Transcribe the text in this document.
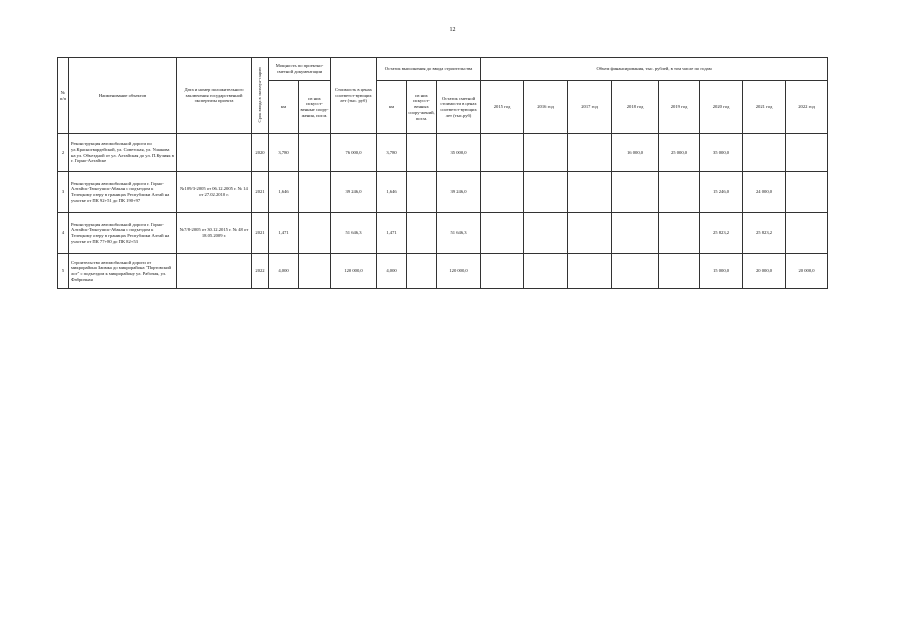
12
№ п/п	Наименование объектов	Дата и номер положительного заключения государственной экспертизы проекта	Срок ввода в эксплуа-тацию	Мощность по проектно-сметной документации		Стоимость в ценах соответст-вующих лет (тыс. руб)	Остаток выполнения до ввода строительства			Объем финансирования, тыс. рублей, в том числе по годам							
				км	из них искусст-венные соору-жения, пог.м.		км	из них искусст-венных соору-жений, пог.м.	Остаток сметной стоимости в ценах соответст-вующих лет (тыс.руб)	2015 год	2016 год	2017 год	2018 год	2019 год	2020 год	2021 год	2022 год
2	Реконструкция автомобильной дороги по ул.Красногвардейской, ул. Советская, ул. Ушакова на ул. Объездной от ул. Алтайская до ул. П.Кучияк в г. Горно-Алтайске		2020	3,780		76 000,0	3,780		35 000,0				16 000,0	25 000,0	35 000,0		
3	Реконструкция автомобильной дороги г. Горно-Алтайск-Тюнгушск-Абакан с подъездом к Телецкому озеру в границах Республики Алтай на участке от ПК 92+51 до ПК 190+97	№109/3-2005 от 06.12.2005 г. № 14 от 27.02.2010 г.	2021	1,646		39 246,0	1,646		39 246,0						15 246,0	24 000,0	
4	Реконструкция автомобильной дороги г. Горно-Алтайск-Тюнгушск-Абакан с подъездом к Телецкому озеру в границах Республики Алтай на участке от ПК 77+80 до ПК 82+53	№7/8-2005 от 30.12.2015 г. № 48 от 18.05.2009 г.	2021	1,471		51 646,3	1,471		51 646,3						25 823,2	25 823,2	
5	Строительство автомобильной дороги от микрорайона Заимка до микрорайона "Портовский лог" с подъездом к микрорайону ул. Рабочая, ул. Фабричная		2022	4,000		120 000,0	4,000		120 000,0						15 000,0	20 000,0	20 000,0
